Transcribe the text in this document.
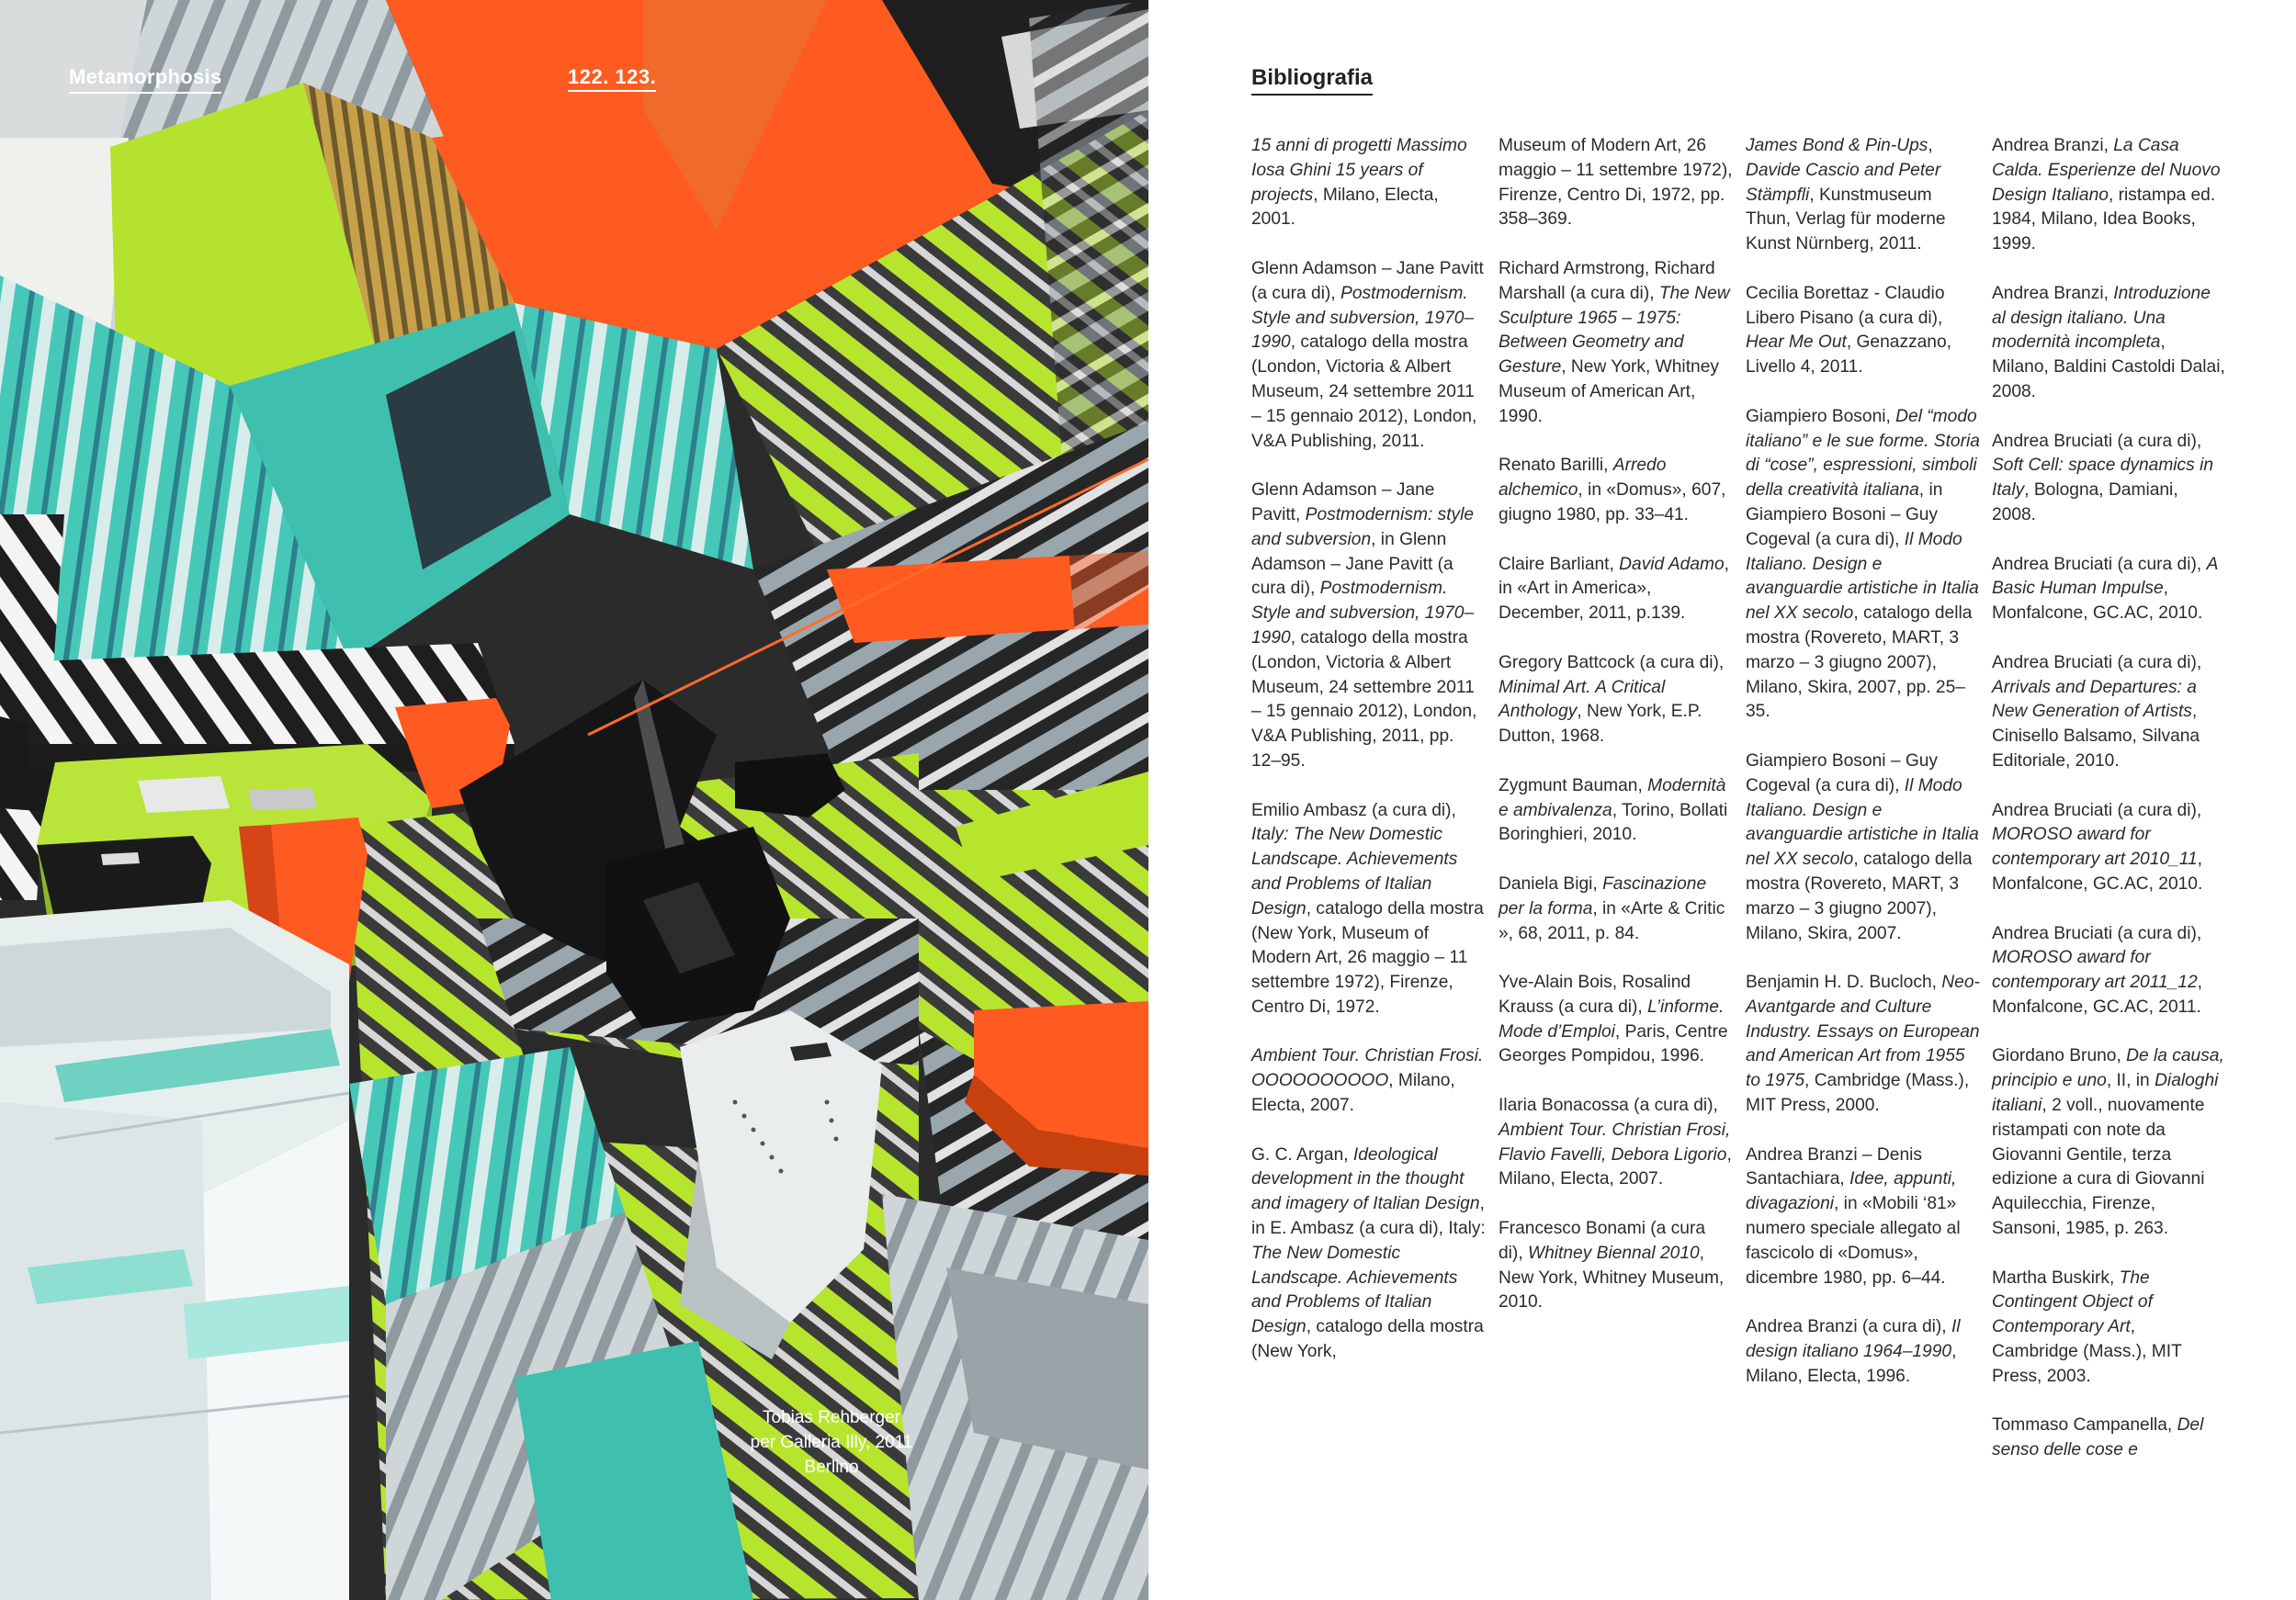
Metamorphosis	122. 123.
Tobias Rehberger
per Galleria Illy, 2011
Berlino
Bibliografia

15 anni di progetti Massimo Iosa Ghini 15 years of projects, Milano, Electa, 2001.

Glenn Adamson – Jane Pavitt (a cura di), Postmodernism. Style and subversion, 1970–1990, catalogo della mostra (London, Victoria & Albert Museum, 24 settembre 2011 – 15 gennaio 2012), London, V&A Publishing, 2011.

Glenn Adamson – Jane Pavitt, Postmodernism: style and subversion, in Glenn Adamson – Jane Pavitt (a cura di), Postmodernism. Style and subversion, 1970–1990, catalogo della mostra (London, Victoria & Albert Museum, 24 settembre 2011 – 15 gennaio 2012), London, V&A Publishing, 2011, pp. 12–95.

Emilio Ambasz (a cura di), Italy: The New Domestic Landscape. Achievements and Problems of Italian Design, catalogo della mostra (New York, Museum of Modern Art, 26 maggio – 11 settembre 1972), Firenze, Centro Di, 1972.

Ambient Tour. Christian Frosi. OOOOOOOOOO, Milano, Electa, 2007.

G. C. Argan, Ideological development in the thought and imagery of Italian Design, in E. Ambasz (a cura di), Italy: The New Domestic Landscape. Achievements and Problems of Italian Design, catalogo della mostra (New York,

Museum of Modern Art, 26 maggio – 11 settembre 1972), Firenze, Centro Di, 1972, pp. 358–369.

Richard Armstrong, Richard Marshall (a cura di), The New Sculpture 1965 – 1975: Between Geometry and Gesture, New York, Whitney Museum of American Art, 1990.

Renato Barilli, Arredo alchemico, in «Domus», 607, giugno 1980, pp. 33–41.

Claire Barliant, David Adamo, in «Art in America», December, 2011, p.139.

Gregory Battcock (a cura di), Minimal Art. A Critical Anthology, New York, E.P. Dutton, 1968.

Zygmunt Bauman, Modernità e ambivalenza, Torino, Bollati Boringhieri, 2010.

Daniela Bigi, Fascinazione per la forma, in «Arte & Critic », 68, 2011, p. 84.

Yve-Alain Bois, Rosalind Krauss (a cura di), L’informe. Mode d’Emploi, Paris, Centre Georges Pompidou, 1996.

Ilaria Bonacossa (a cura di), Ambient Tour. Christian Frosi, Flavio Favelli, Debora Ligorio, Milano, Electa, 2007.

Francesco Bonami (a cura di), Whitney Biennal 2010, New York, Whitney Museum, 2010.

James Bond & Pin-Ups, Davide Cascio and Peter Stämpfli, Kunstmuseum Thun, Verlag für moderne Kunst Nürnberg, 2011.

Cecilia Borettaz - Claudio Libero Pisano (a cura di), Hear Me Out, Genazzano, Livello 4, 2011.

Giampiero Bosoni, Del “modo italiano” e le sue forme. Storia di “cose”, espressioni, simboli della creatività italiana, in Giampiero Bosoni – Guy Cogeval (a cura di), Il Modo Italiano. Design e avanguardie artistiche in Italia nel XX secolo, catalogo della mostra (Rovereto, MART, 3 marzo – 3 giugno 2007), Milano, Skira, 2007, pp. 25–35.

Giampiero Bosoni – Guy Cogeval (a cura di), Il Modo Italiano. Design e avanguardie artistiche in Italia nel XX secolo, catalogo della mostra (Rovereto, MART, 3 marzo – 3 giugno 2007), Milano, Skira, 2007.

Benjamin H. D. Bucloch, Neo-Avantgarde and Culture Industry. Essays on European and American Art from 1955 to 1975, Cambridge (Mass.), MIT Press, 2000.

Andrea Branzi – Denis Santachiara, Idee, appunti, divagazioni, in «Mobili ‘81» numero speciale allegato al fascicolo di «Domus», dicembre 1980, pp. 6–44.

Andrea Branzi (a cura di), Il design italiano 1964–1990, Milano, Electa, 1996.

Andrea Branzi, La Casa Calda. Esperienze del Nuovo Design Italiano, ristampa ed. 1984, Milano, Idea Books, 1999.

Andrea Branzi, Introduzione al design italiano. Una modernità incompleta, Milano, Baldini Castoldi Dalai, 2008.

Andrea Bruciati (a cura di), Soft Cell: space dynamics in Italy, Bologna, Damiani, 2008.

Andrea Bruciati (a cura di), A Basic Human Impulse, Monfalcone, GC.AC, 2010.

Andrea Bruciati (a cura di), Arrivals and Departures: a New Generation of Artists, Cinisello Balsamo, Silvana Editoriale, 2010.

Andrea Bruciati (a cura di), MOROSO award for contemporary art 2010_11, Monfalcone, GC.AC, 2010.

Andrea Bruciati (a cura di), MOROSO award for contemporary art 2011_12, Monfalcone, GC.AC, 2011.

Giordano Bruno, De la causa, principio e uno, II, in Dialoghi italiani, 2 voll., nuovamente ristampati con note da Giovanni Gentile, terza edizione a cura di Giovanni Aquilecchia, Firenze, Sansoni, 1985, p. 263.

Martha Buskirk, The Contingent Object of Contemporary Art, Cambridge (Mass.), MIT Press, 2003.

Tommaso Campanella, Del senso delle cose e
